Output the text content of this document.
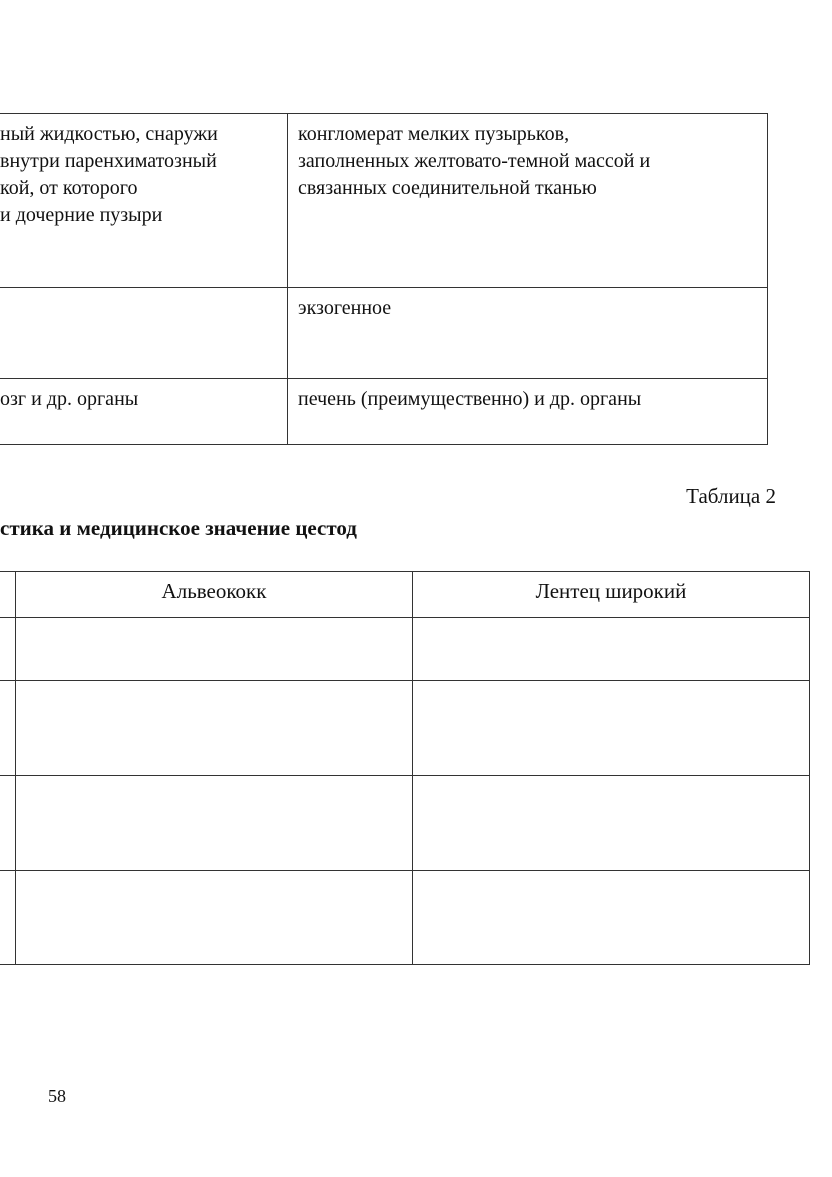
ный жидкостью, снаружи
внутри паренхиматозный
кой, от которого
и дочерние пузыри
конгломерат мелких пузырьков,
заполненных желтовато-темной массой и
связанных соединительной тканью
экзогенное
озг и др. органы	печень (преимущественно) и др. органы
Таблица 2
стика и медицинское значение цестод
Альвеококк	Лентец широкий
58
